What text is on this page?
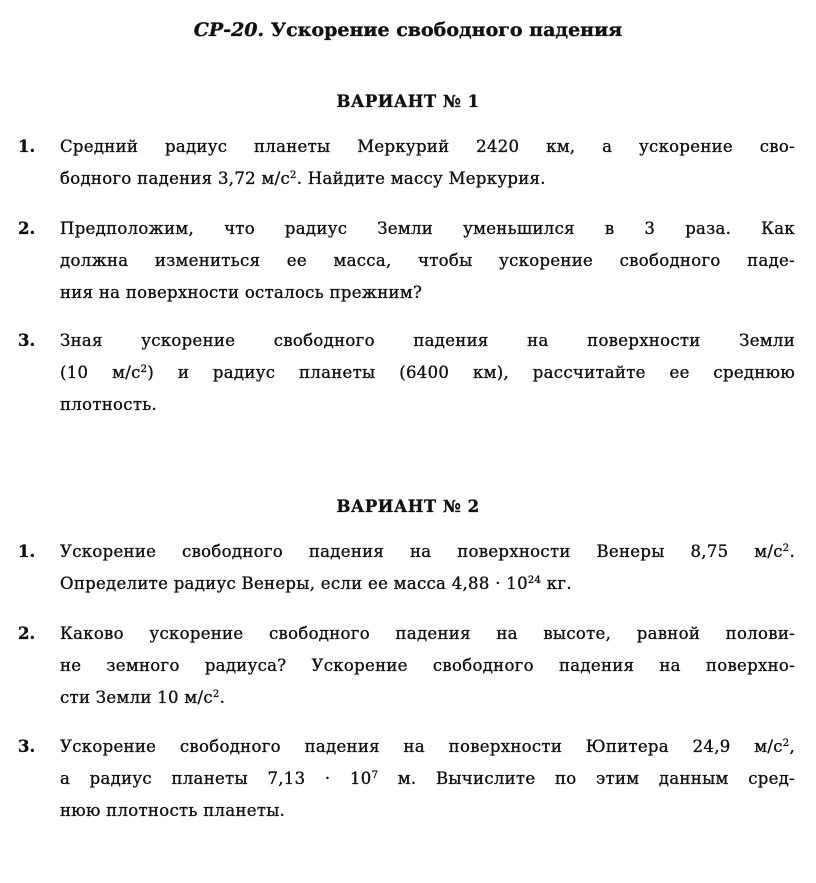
СР-20. Ускорение свободного падения
ВАРИАНТ № 1
1.	Средний радиус планеты Меркурий 2420 км, а ускорение сво-
бодного падения 3,72 $м/с^2$. Найдите массу Меркурия.
2.	Предположим, что радиус Земли уменьшился в 3 раза. Как
должна измениться ее масса, чтобы ускорение свободного паде-
ния на поверхности осталось прежним?
3.	Зная ускорение свободного падения на поверхности Земли
(10 $м/с^2$) и радиус планеты (6400 км), рассчитайте ее среднюю
плотность.
ВАРИАНТ № 2
1.	Ускорение свободного падения на поверхности Венеры 8,75 $м/с^2$.
Определите радиус Венеры, если ее масса $4,88 \cdot 10^{24}$ кг.
2.	Каково ускорение свободного падения на высоте, равной полови-
не земного радиуса? Ускорение свободного падения на поверхно-
сти Земли 10 $м/с^2$.
3.	Ускорение свободного падения на поверхности Юпитера 24,9 $м/с^2$,
а радиус планеты $7,13 \cdot 10^7$ м. Вычислите по этим данным сред-
нюю плотность планеты.
